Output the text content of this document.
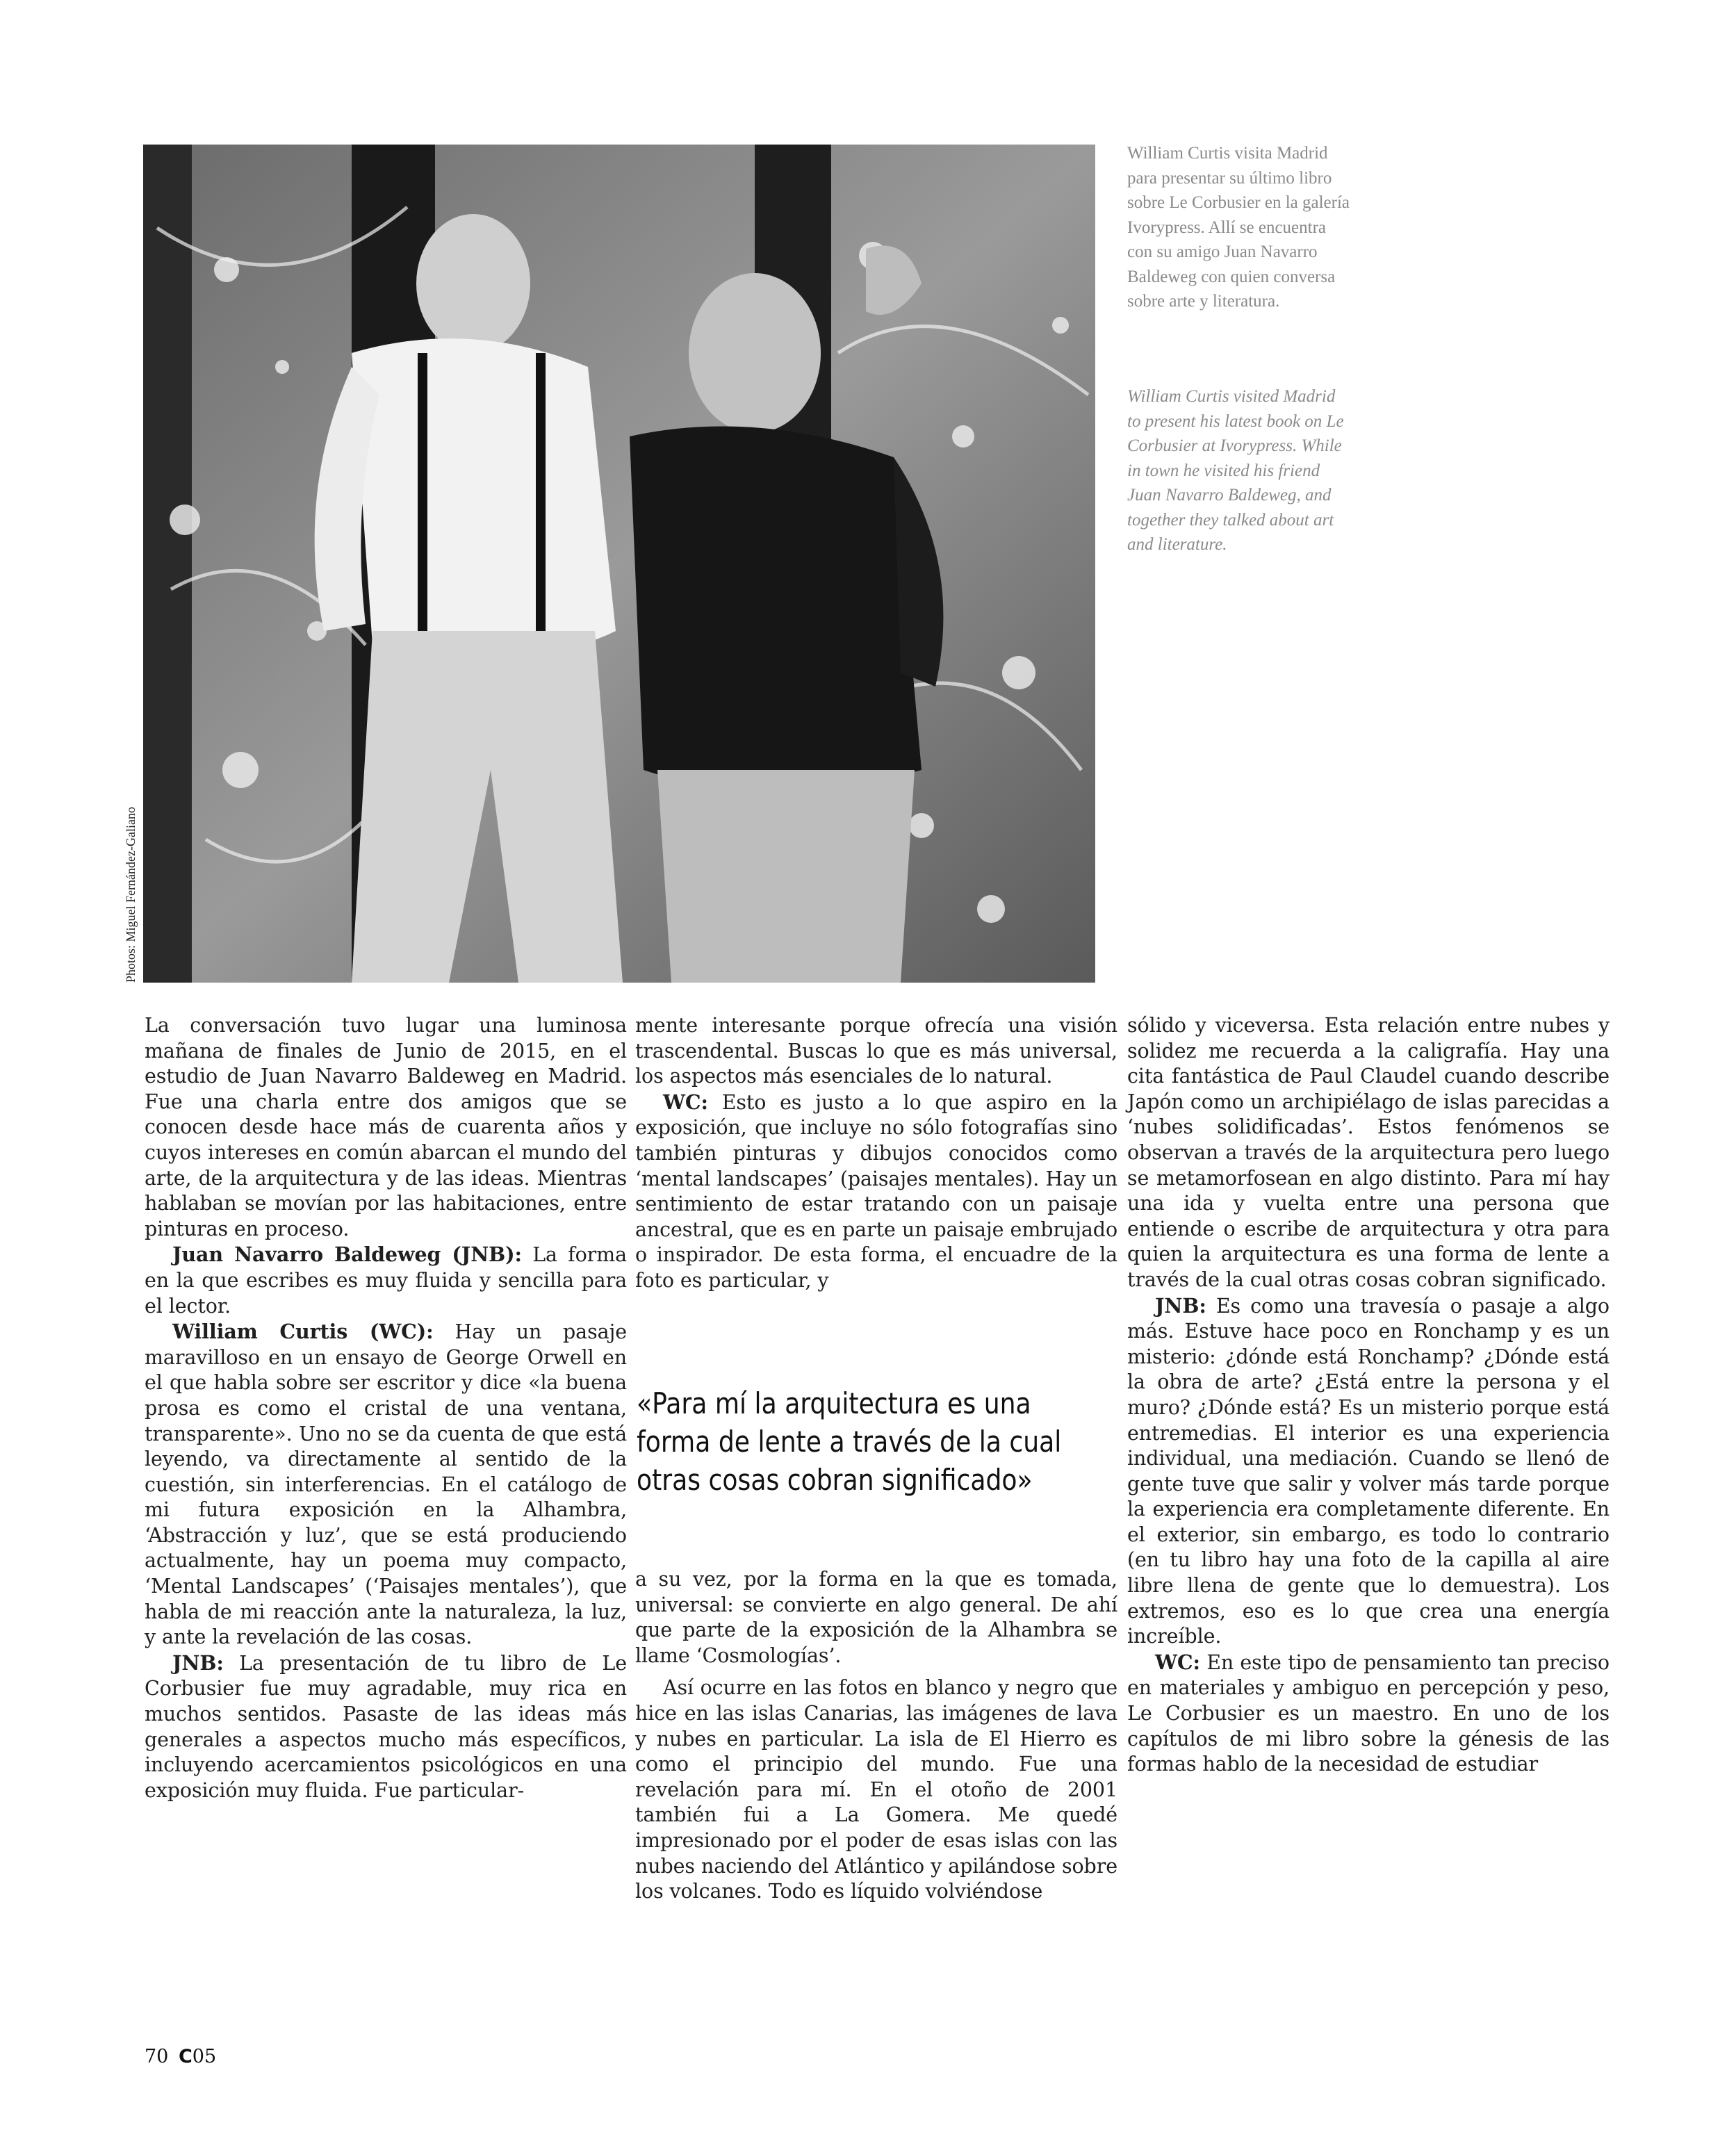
Photos: Miguel Fernández-Galiano
William Curtis visita Madrid para presentar su último libro sobre Le Corbusier en la galería Ivorypress. Allí se encuentra con su amigo Juan Navarro Baldeweg con quien conversa sobre arte y literatura.
William Curtis visited Madrid to present his latest book on Le Corbusier at Ivorypress. While in town he visited his friend Juan Navarro Baldeweg, and together they talked about art and literature.

La conversación tuvo lugar una luminosa mañana de finales de Junio de 2015, en el estudio de Juan Navarro Baldeweg en Madrid. Fue una charla entre dos amigos que se conocen desde hace más de cuarenta años y cuyos intereses en común abarcan el mundo del arte, de la arquitectura y de las ideas. Mientras hablaban se movían por las habitaciones, entre pinturas en proceso.

Juan Navarro Baldeweg (JNB): La forma en la que escribes es muy fluida y sencilla para el lector.

William Curtis (WC): Hay un pasaje maravilloso en un ensayo de George Orwell en el que habla sobre ser escritor y dice «la buena prosa es como el cristal de una ventana, transparente». Uno no se da cuenta de que está leyendo, va directamente al sentido de la cuestión, sin interferencias. En el catálogo de mi futura exposición en la Alhambra, ‘Abstracción y luz’, que se está produciendo actualmente, hay un poema muy compacto, ‘Mental Landscapes’ (‘Paisajes mentales’), que habla de mi reacción ante la naturaleza, la luz, y ante la revelación de las cosas.

JNB: La presentación de tu libro de Le Corbusier fue muy agradable, muy rica en muchos sentidos. Pasaste de las ideas más generales a aspectos mucho más específicos, incluyendo acercamientos psicológicos en una exposición muy fluida. Fue particular-

mente interesante porque ofrecía una visión trascendental. Buscas lo que es más universal, los aspectos más esenciales de lo natural.

WC: Esto es justo a lo que aspiro en la exposición, que incluye no sólo fotografías sino también pinturas y dibujos conocidos como ‘mental landscapes’ (paisajes mentales). Hay un sentimiento de estar tratando con un paisaje ancestral, que es en parte un paisaje embrujado o inspirador. De esta forma, el encuadre de la foto es particular, y

«Para mí la arquitectura es una forma de lente a través de la cual otras cosas cobran significado»

a su vez, por la forma en la que es tomada, universal: se convierte en algo general. De ahí que parte de la exposición de la Alhambra se llame ‘Cosmologías’.

Así ocurre en las fotos en blanco y negro que hice en las islas Canarias, las imágenes de lava y nubes en particular. La isla de El Hierro es como el principio del mundo. Fue una revelación para mí. En el otoño de 2001 también fui a La Gomera. Me quedé impresionado por el poder de esas islas con las nubes naciendo del Atlántico y apilándose sobre los volcanes. Todo es líquido volviéndose

sólido y viceversa. Esta relación entre nubes y solidez me recuerda a la caligrafía. Hay una cita fantástica de Paul Claudel cuando describe Japón como un archipiélago de islas parecidas a ‘nubes solidificadas’. Estos fenómenos se observan a través de la arquitectura pero luego se metamorfosean en algo distinto. Para mí hay una ida y vuelta entre una persona que entiende o escribe de arquitectura y otra para quien la arquitectura es una forma de lente a través de la cual otras cosas cobran significado.

JNB: Es como una travesía o pasaje a algo más. Estuve hace poco en Ronchamp y es un misterio: ¿dónde está Ronchamp? ¿Dónde está la obra de arte? ¿Está entre la persona y el muro? ¿Dónde está? Es un misterio porque está entremedias. El interior es una experiencia individual, una mediación. Cuando se llenó de gente tuve que salir y volver más tarde porque la experiencia era completamente diferente. En el exterior, sin embargo, es todo lo contrario (en tu libro hay una foto de la capilla al aire libre llena de gente que lo demuestra). Los extremos, eso es lo que crea una energía increíble.

WC: En este tipo de pensamiento tan preciso en materiales y ambiguo en percepción y peso, Le Corbusier es un maestro. En uno de los capítulos de mi libro sobre la génesis de las formas hablo de la necesidad de estudiar

70 C05
